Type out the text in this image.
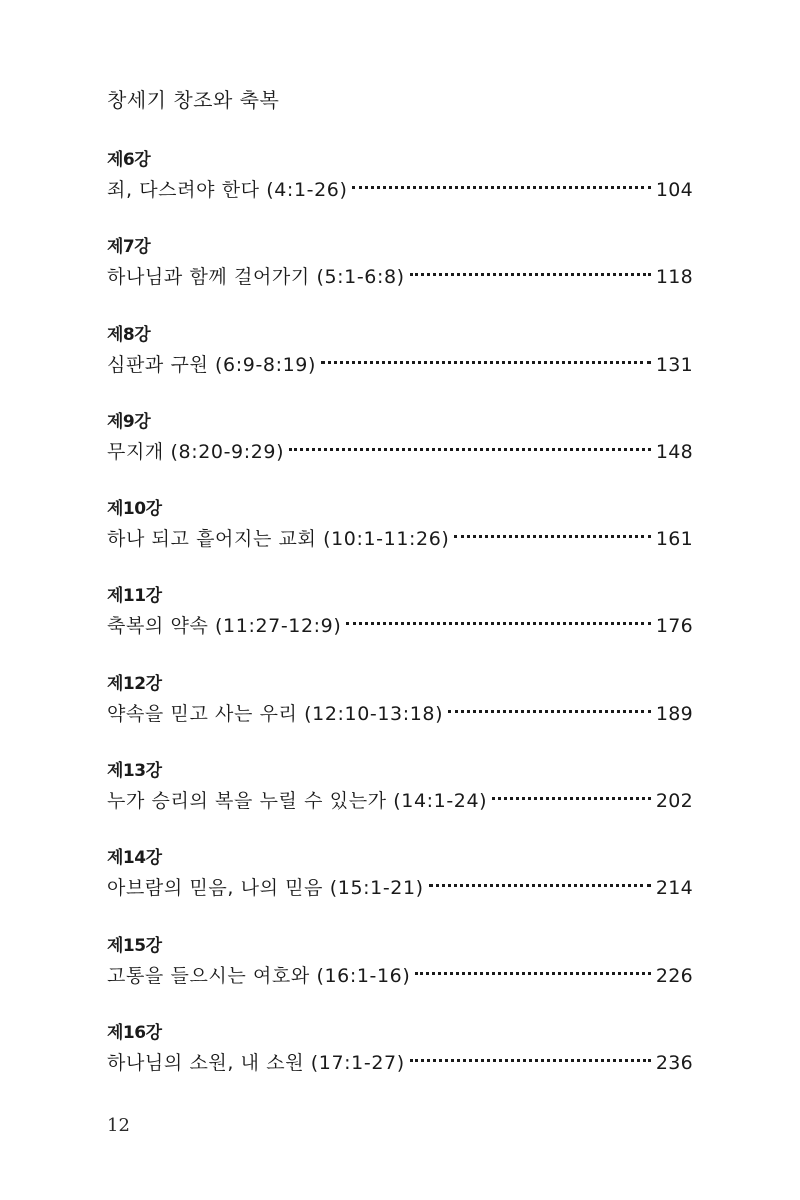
창세기 창조와 축복
제6강
죄, 다스려야 한다 (4:1-26)	104
제7강
하나님과 함께 걸어가기 (5:1-6:8)	118
제8강
심판과 구원 (6:9-8:19)	131
제9강
무지개 (8:20-9:29)	148
제10강
하나 되고 흩어지는 교회 (10:1-11:26)	161
제11강
축복의 약속 (11:27-12:9)	176
제12강
약속을 믿고 사는 우리 (12:10-13:18)	189
제13강
누가 승리의 복을 누릴 수 있는가 (14:1-24)	202
제14강
아브람의 믿음, 나의 믿음 (15:1-21)	214
제15강
고통을 들으시는 여호와 (16:1-16)	226
제16강
하나님의 소원, 내 소원 (17:1-27)	236
12
